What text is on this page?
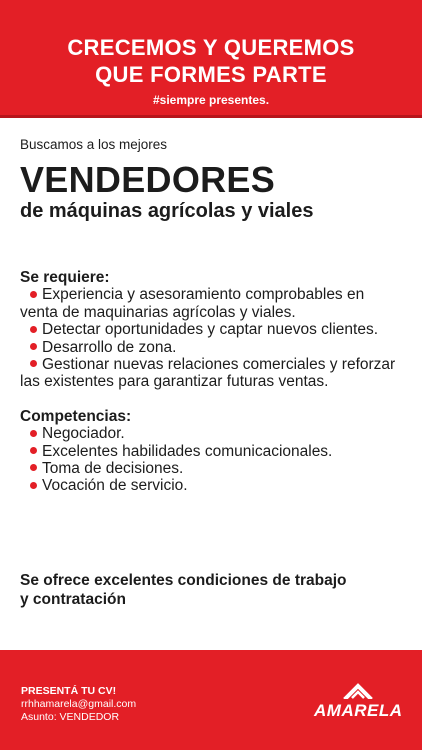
CRECEMOS Y QUEREMOS
QUE FORMES PARTE
#siempre presentes.
Buscamos a los mejores
VENDEDORES
de máquinas agrícolas y viales
Se requiere:
Experiencia y asesoramiento comprobables en venta de maquinarias agrícolas y viales.
Detectar oportunidades y captar nuevos clientes.
Desarrollo de zona.
Gestionar nuevas relaciones comerciales y reforzar las existentes para garantizar futuras ventas.
Competencias:
Negociador.
Excelentes habilidades comunicacionales.
Toma de decisiones.
Vocación de servicio.
Se ofrece excelentes condiciones de trabajo
y contratación
PRESENTÁ TU CV!
rrhhamarela@gmail.com
Asunto: VENDEDOR	AMARELA
